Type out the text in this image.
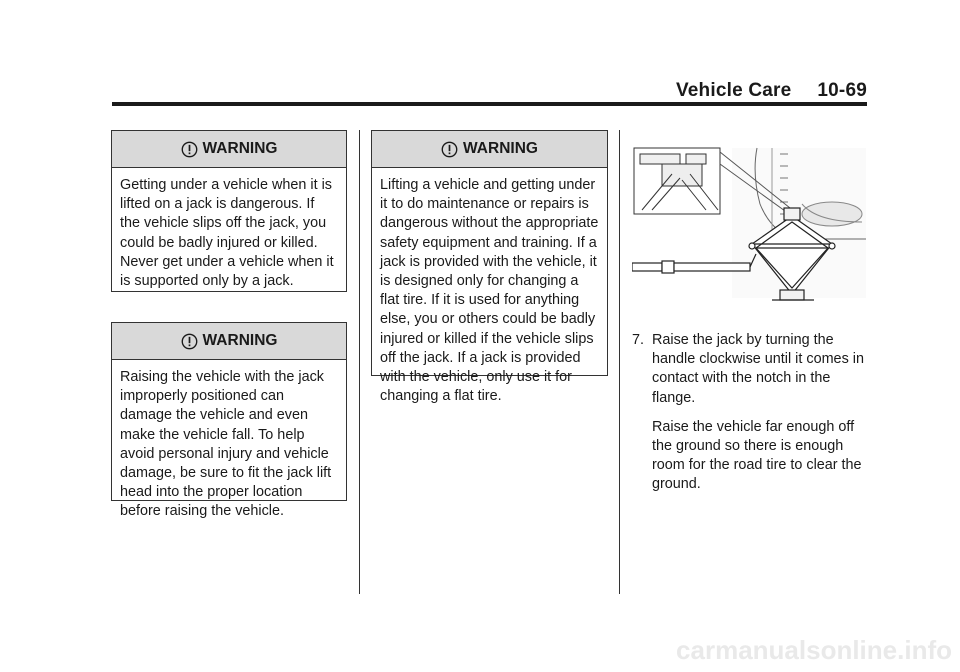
Vehicle Care 10-69
WARNING
Getting under a vehicle when it is lifted on a jack is dangerous. If the vehicle slips off the jack, you could be badly injured or killed. Never get under a vehicle when it is supported only by a jack.
WARNING
Raising the vehicle with the jack improperly positioned can damage the vehicle and even make the vehicle fall. To help avoid personal injury and vehicle damage, be sure to fit the jack lift head into the proper location before raising the vehicle.
WARNING
Lifting a vehicle and getting under it to do maintenance or repairs is dangerous without the appropriate safety equipment and training. If a jack is provided with the vehicle, it is designed only for changing a flat tire. If it is used for anything else, you or others could be badly injured or killed if the vehicle slips off the jack. If a jack is provided with the vehicle, only use it for changing a flat tire.
7. Raise the jack by turning the handle clockwise until it comes in contact with the notch in the flange.
Raise the vehicle far enough off the ground so there is enough room for the road tire to clear the ground.
carmanualsonline.info
